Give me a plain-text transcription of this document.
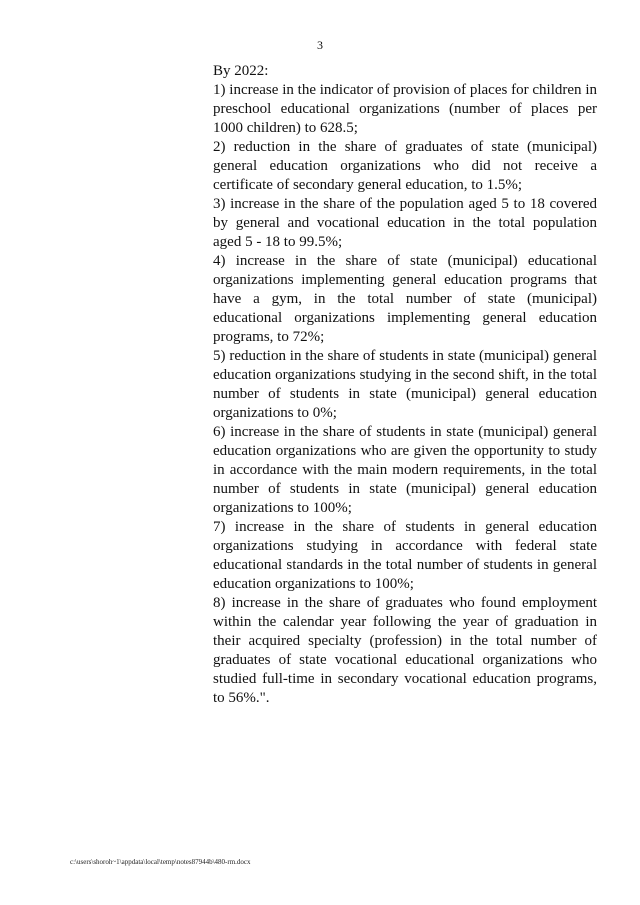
3

By 2022:

1) increase in the indicator of provision of places for children in preschool educational organizations (number of places per 1000 children) to 628.5;

2) reduction in the share of graduates of state (municipal) general education organizations who did not receive a certificate of secondary general education, to 1.5%;

3) increase in the share of the population aged 5 to 18 covered by general and vocational education in the total population aged 5 - 18 to 99.5%;

4) increase in the share of state (municipal) educational organizations implementing general education programs that have a gym, in the total number of state (municipal) educational organizations implementing general education programs, to 72%;

5) reduction in the share of students in state (municipal) general education organizations studying in the second shift, in the total number of students in state (municipal) general education organizations to 0%;

6) increase in the share of students in state (municipal) general education organizations who are given the opportunity to study in accordance with the main modern requirements, in the total number of students in state (municipal) general education organizations to 100%;

7) increase in the share of students in general education organizations studying in accordance with federal state educational standards in the total number of students in general education organizations to 100%;

8) increase in the share of graduates who found employment within the calendar year following the year of graduation in their acquired specialty (profession) in the total number of graduates of state vocational educational organizations who studied full-time in secondary vocational education programs, to 56%.".

c:\users\shoroh~1\appdata\local\temp\notes87944b\480-rm.docx
